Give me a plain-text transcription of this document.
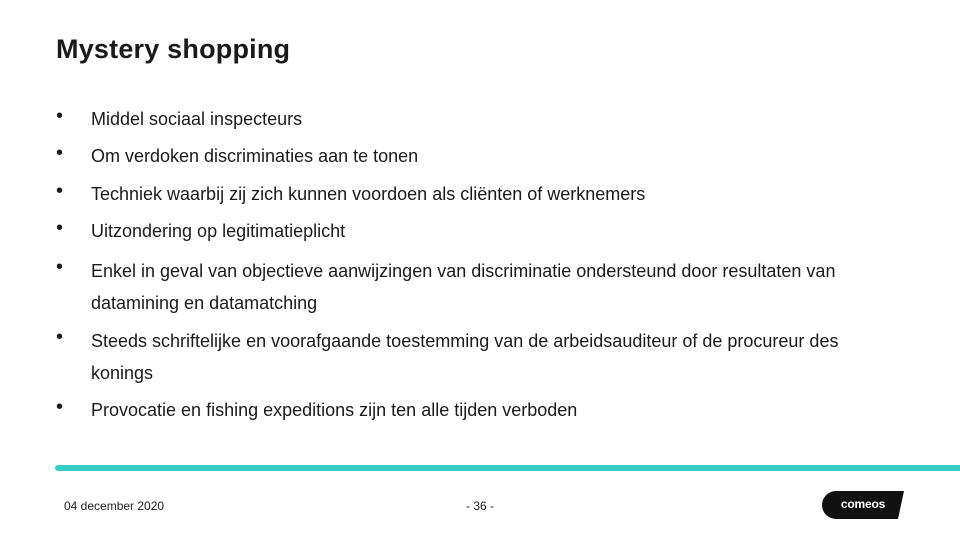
Mystery shopping
• Middel sociaal inspecteurs
• Om verdoken discriminaties aan te tonen
• Techniek waarbij zij zich kunnen voordoen als cliënten of werknemers
• Uitzondering op legitimatieplicht
• Enkel in geval van objectieve aanwijzingen van discriminatie ondersteund door resultaten van datamining en datamatching
• Steeds schriftelijke en voorafgaande toestemming van de arbeidsauditeur of de procureur des konings
• Provocatie en fishing expeditions zijn ten alle tijden verboden
04 december 2020	- 36 -	comeos
